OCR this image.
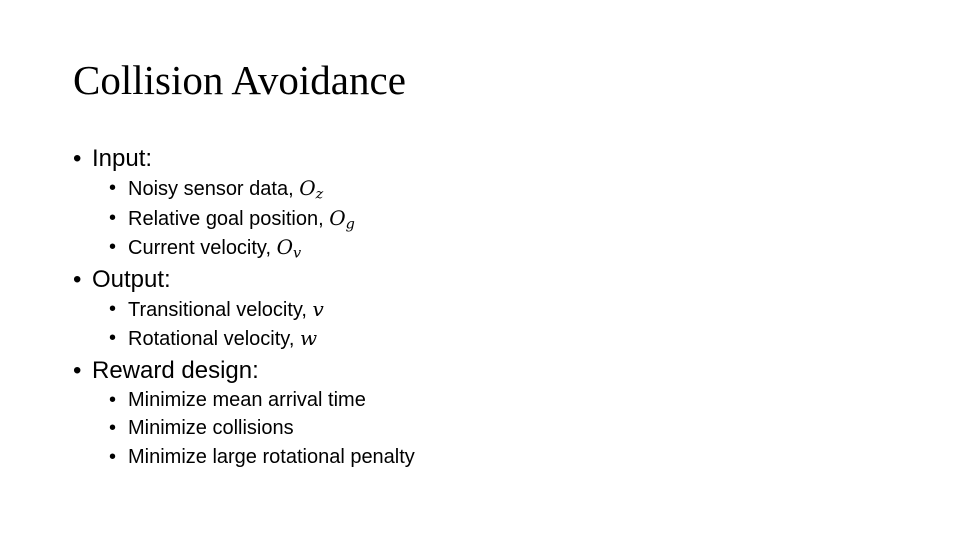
Collision Avoidance
• Input:
• Noisy sensor data, $O_z$
• Relative goal position, $O_g$
• Current velocity, $O_v$
• Output:
• Transitional velocity, v
• Rotational velocity, w
• Reward design:
• Minimize mean arrival time
• Minimize collisions
• Minimize large rotational penalty
